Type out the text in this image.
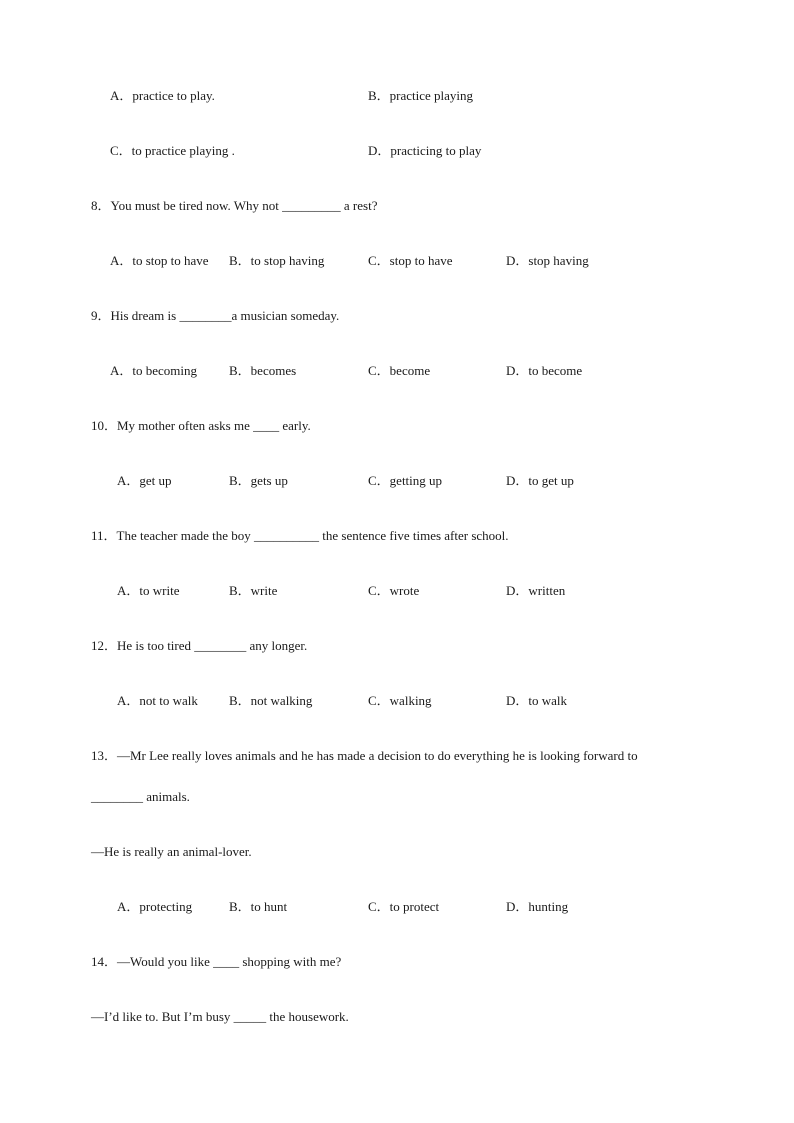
A．practice to play.	B．practice playing
C．to practice playing .	D．practicing to play
8．You must be tired now. Why not _________ a rest?
A．to stop to have B．to stop having	C．stop to have	D．stop having
9．His dream is ________a musician someday.
A．to becoming B．becomes	C．become	D．to become
10．My mother often asks me ____ early.
A．get up	B．gets up	C．getting up	D．to get up
11．The teacher made the boy __________ the sentence five times after school.
A．to write	B．write	C．wrote	D．written
12．He is too tired ________ any longer.
A．not to walk B．not walking	C．walking	D．to walk
13．—Mr Lee really loves animals and he has made a decision to do everything he is looking forward to
________ animals.
—He is really an animal-lover.
A．protecting	B．to hunt	C．to protect	D．hunting
14．—Would you like ____ shopping with me?
—I’d like to. But I’m busy _____ the housework.
